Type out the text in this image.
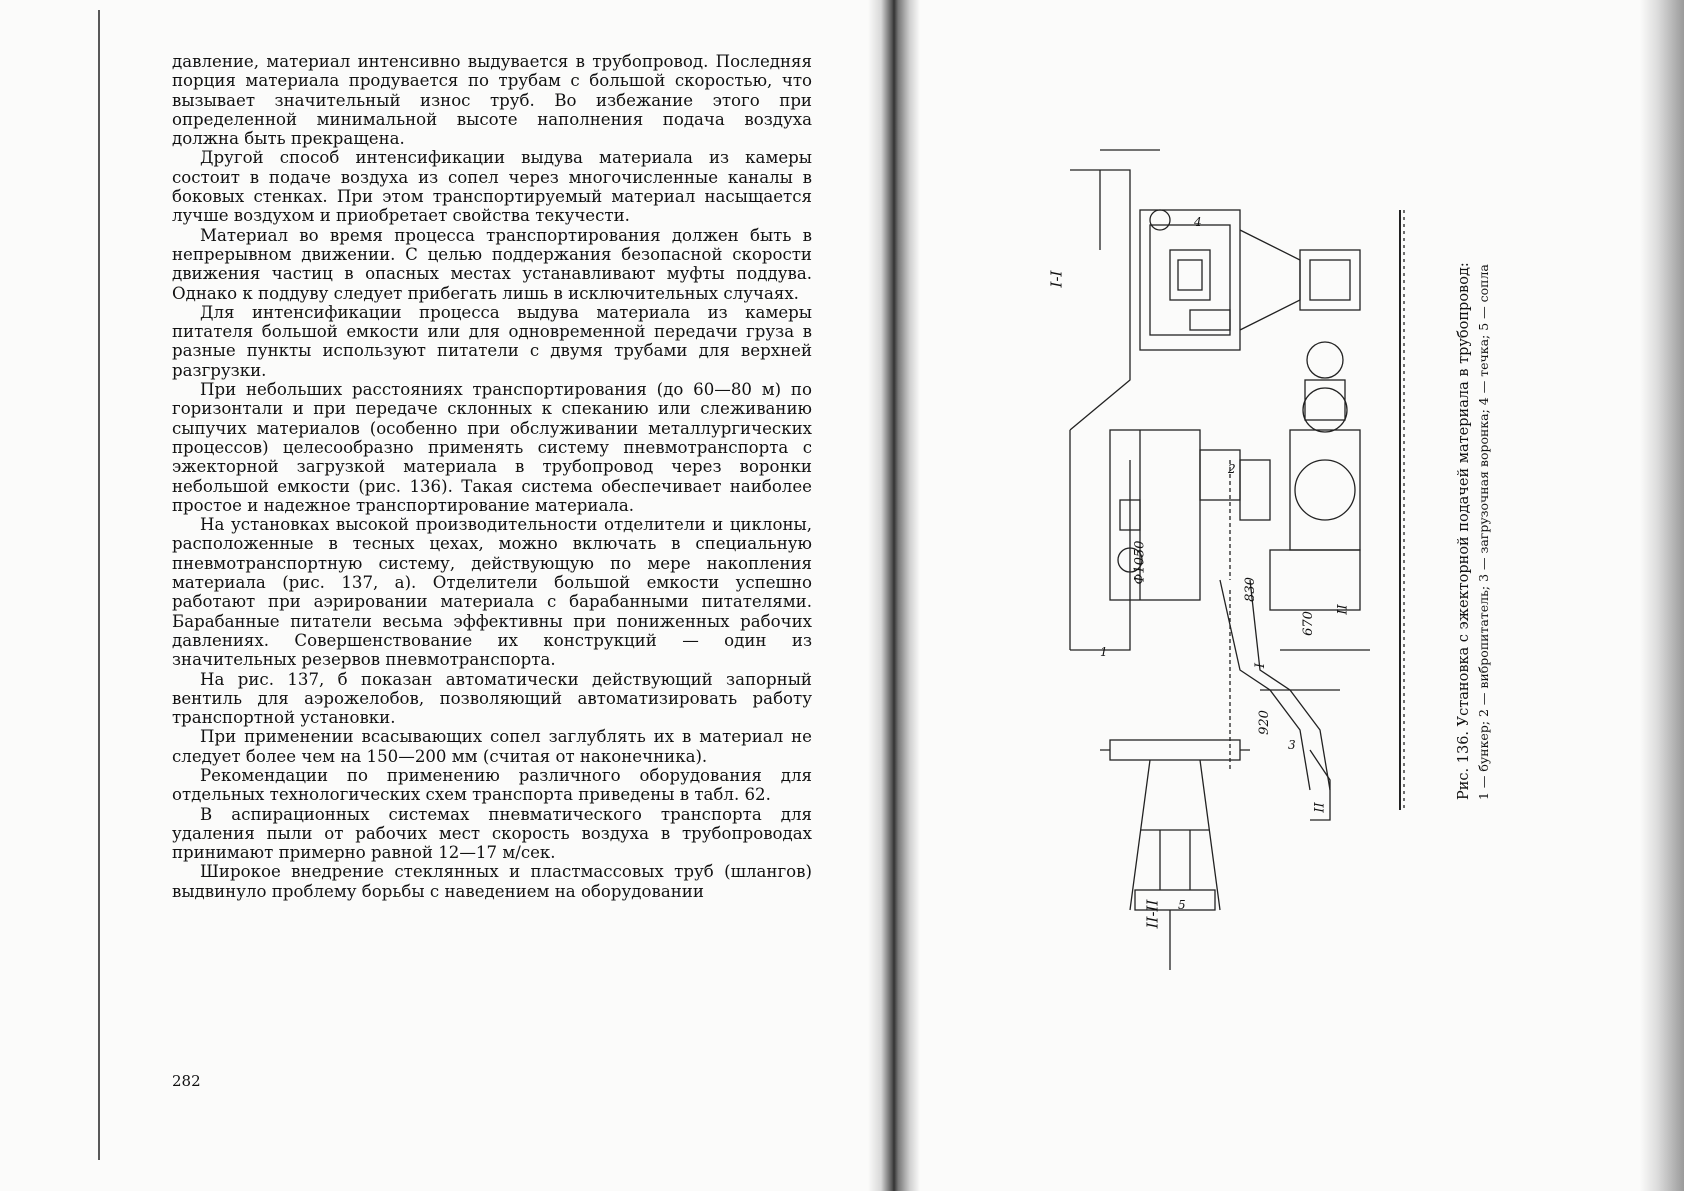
давление, материал интенсивно выдувается в трубопровод. Последняя порция материала продувается по трубам с большой скоростью, что вызывает значительный износ труб. Во избежание этого при определенной минимальной высоте наполнения подача воздуха должна быть прекращена.

Другой способ интенсификации выдува материала из камеры состоит в подаче воздуха из сопел через многочисленные каналы в боковых стенках. При этом транспортируемый материал насыщается лучше воздухом и приобретает свойства текучести.

Материал во время процесса транспортирования должен быть в непрерывном движении. С целью поддержания безопасной скорости движения частиц в опасных местах устанавливают муфты поддува. Однако к поддуву следует прибегать лишь в исключительных случаях.

Для интенсификации процесса выдува материала из камеры питателя большой емкости или для одновременной передачи груза в разные пункты используют питатели с двумя трубами для верхней разгрузки.

При небольших расстояниях транспортирования (до 60—80 м) по горизонтали и при передаче склонных к спеканию или слеживанию сыпучих материалов (особенно при обслуживании металлургических процессов) целесообразно применять систему пневмотранспорта с эжекторной загрузкой материала в трубопровод через воронки небольшой емкости (рис. 136). Такая система обеспечивает наиболее простое и надежное транспортирование материала.

На установках высокой производительности отделители и циклоны, расположенные в тесных цехах, можно включать в специальную пневмотранспортную систему, действующую по мере накопления материала (рис. 137, а). Отделители большой емкости успешно работают при аэрировании материала с барабанными питателями. Барабанные питатели весьма эффективны при пониженных рабочих давлениях. Совершенствование их конструкций — один из значительных резервов пневмотранспорта.

На рис. 137, б показан автоматически действующий запорный вентиль для аэрожелобов, позволяющий автоматизировать работу транспортной установки.

При применении всасывающих сопел заглублять их в материал не следует более чем на 150—200 мм (считая от наконечника).

Рекомендации по применению различного оборудования для отдельных технологических схем транспорта приведены в табл. 62.

В аспирационных системах пневматического транспорта для удаления пыли от рабочих мест скорость воздуха в трубопроводах принимают примерно равной 12—17 м/сек.

Широкое внедрение стеклянных и пластмассовых труб (шлангов) выдвинуло проблему борьбы с наведением на оборудовании

282
I-I
II-II
Ф1050
830
920
670
I
II
II
1
2
3
4
5
Рис. 136. Установка с эжекторной подачей материала в трубопровод: 1 — бункер; 2 — вибропитатель; 3 — загрузочная воронка; 4 — течка; 5 — сопла
